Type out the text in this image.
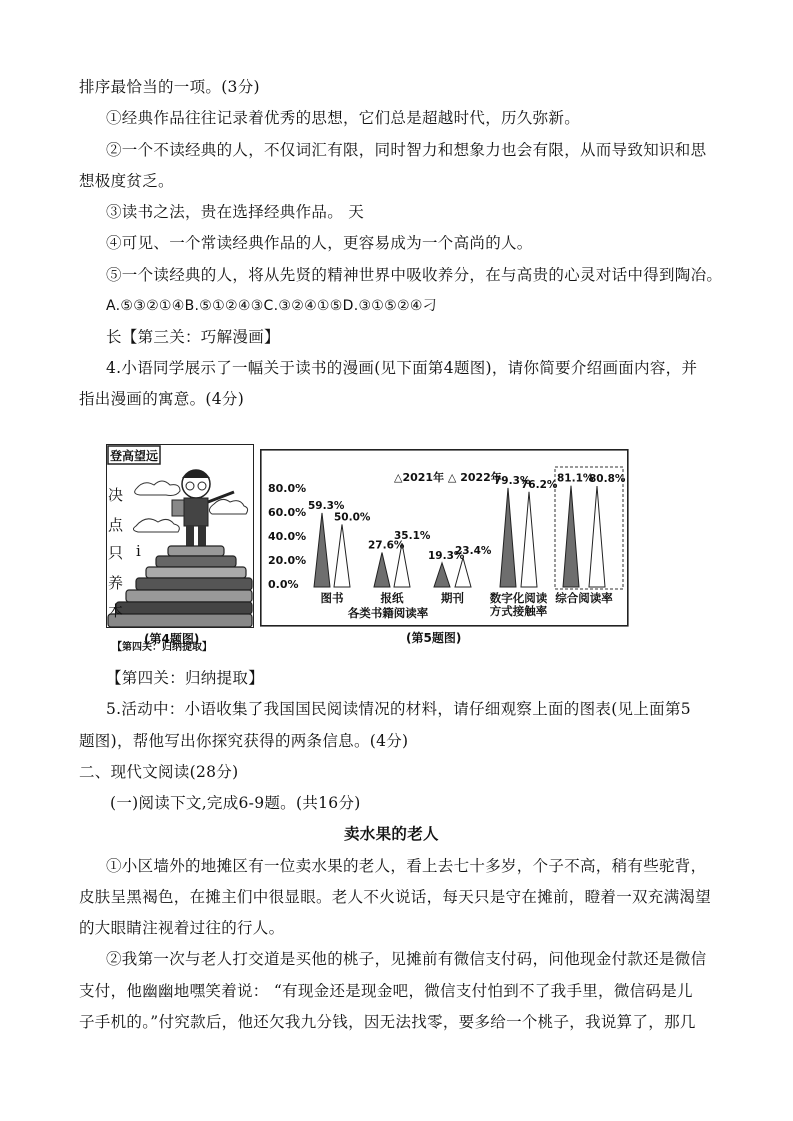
排序最恰当的一项。(3分)
①经典作品往往记录着优秀的思想，它们总是超越时代，历久弥新。
②一个不读经典的人，不仅词汇有限，同时智力和想象力也会有限，从而导致知识和思
想极度贫乏。
③读书之法，贵在选择经典作品。 天
④可见、一个常读经典作品的人，更容易成为一个高尚的人。
⑤一个读经典的人，将从先贤的精神世界中吸收养分，在与高贵的心灵对话中得到陶冶。
A.⑤③②①④B.⑤①②④③C.③②④①⑤D.③①⑤②④刁
长【第三关：巧解漫画】
4.小语同学展示了一幅关于读书的漫画(见下面第4题图)，请你简要介绍画面内容，并
指出漫画的寓意。(4分)
登高望远
决
点
只 i
养
本
(第4题图)
【第四关：归纳提取】
80.0%
60.0%
40.0%
20.0%
0.0%
△2021年 △ 2022年
59.3%
50.0%
图书
27.6%
35.1%
报纸
19.3%
23.4%
期刊
79.3%
76.2%
数字化阅读
方式接触率
81.1%
80.8%
综合阅读率
各类书籍阅读率
(第5题图)
【第四关：归纳提取】
5.活动中：小语收集了我国国民阅读情况的材料，请仔细观察上面的图表(见上面第5
题图)，帮他写出你探究获得的两条信息。(4分)
二、现代文阅读(28分)
(一)阅读下文,完成6-9题。(共16分)
卖水果的老人
①小区墙外的地摊区有一位卖水果的老人，看上去七十多岁，个子不高，稍有些驼背，
皮肤呈黑褐色，在摊主们中很显眼。老人不火说话，每天只是守在摊前，瞪着一双充满渴望
的大眼睛注视着过往的行人。
②我第一次与老人打交道是买他的桃子，见摊前有微信支付码，问他现金付款还是微信
支付，他幽幽地嘿笑着说： “有现金还是现金吧，微信支付怕到不了我手里，微信码是儿
子手机的。”付究款后，他还欠我九分钱，因无法找零，要多给一个桃子，我说算了，那几
